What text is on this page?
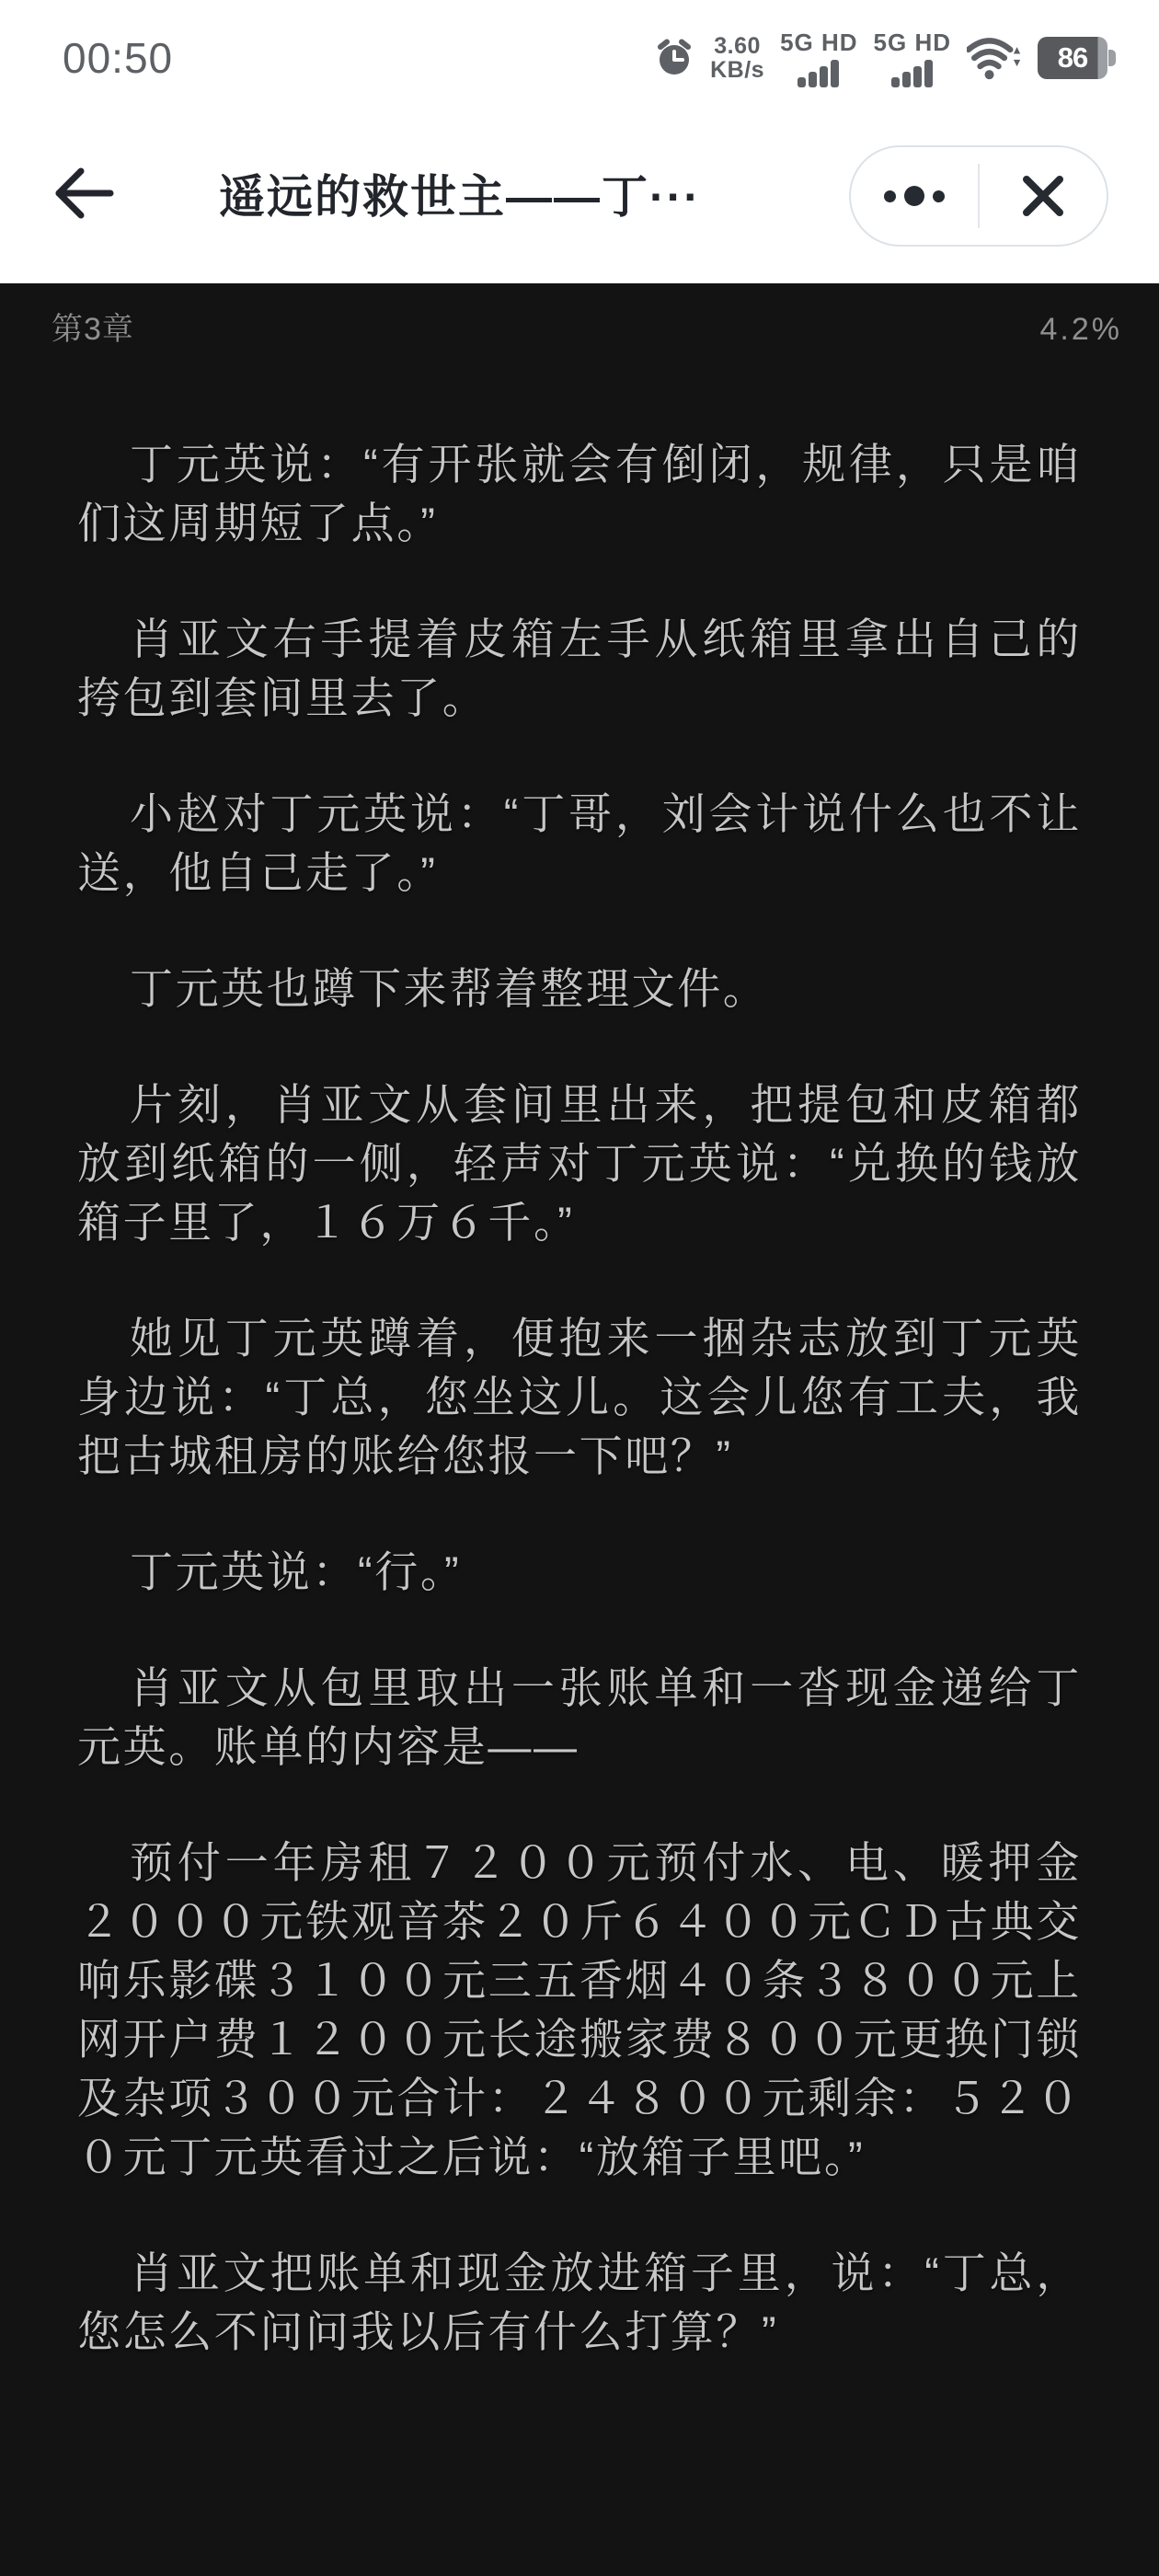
00:50	3.60
KB/s
5G HD 5G HD	86
遥远的救世主——丁···
第3章	4.2%

丁元英说：“有开张就会有倒闭，规律，只是咱们这周期短了点。”

肖亚文右手提着皮箱左手从纸箱里拿出自己的挎包到套间里去了。

小赵对丁元英说：“丁哥，刘会计说什么也不让送，他自己走了。”

丁元英也蹲下来帮着整理文件。

片刻，肖亚文从套间里出来，把提包和皮箱都放到纸箱的一侧，轻声对丁元英说：“兑换的钱放箱子里了，１６万６千。”

她见丁元英蹲着，便抱来一捆杂志放到丁元英身边说：“丁总，您坐这儿。这会儿您有工夫，我把古城租房的账给您报一下吧？”

丁元英说：“行。”

肖亚文从包里取出一张账单和一沓现金递给丁元英。账单的内容是——

预付一年房租７２００元预付水、电、暖押金２０００元铁观音茶２０斤６４００元ＣＤ古典交响乐影碟３１００元三五香烟４０条３８００元上网开户费１２００元长途搬家费８００元更换门锁及杂项３００元合计：２４８００元剩余：５２００元丁元英看过之后说：“放箱子里吧。”

肖亚文把账单和现金放进箱子里，说：“丁总，您怎么不问问我以后有什么打算？”
